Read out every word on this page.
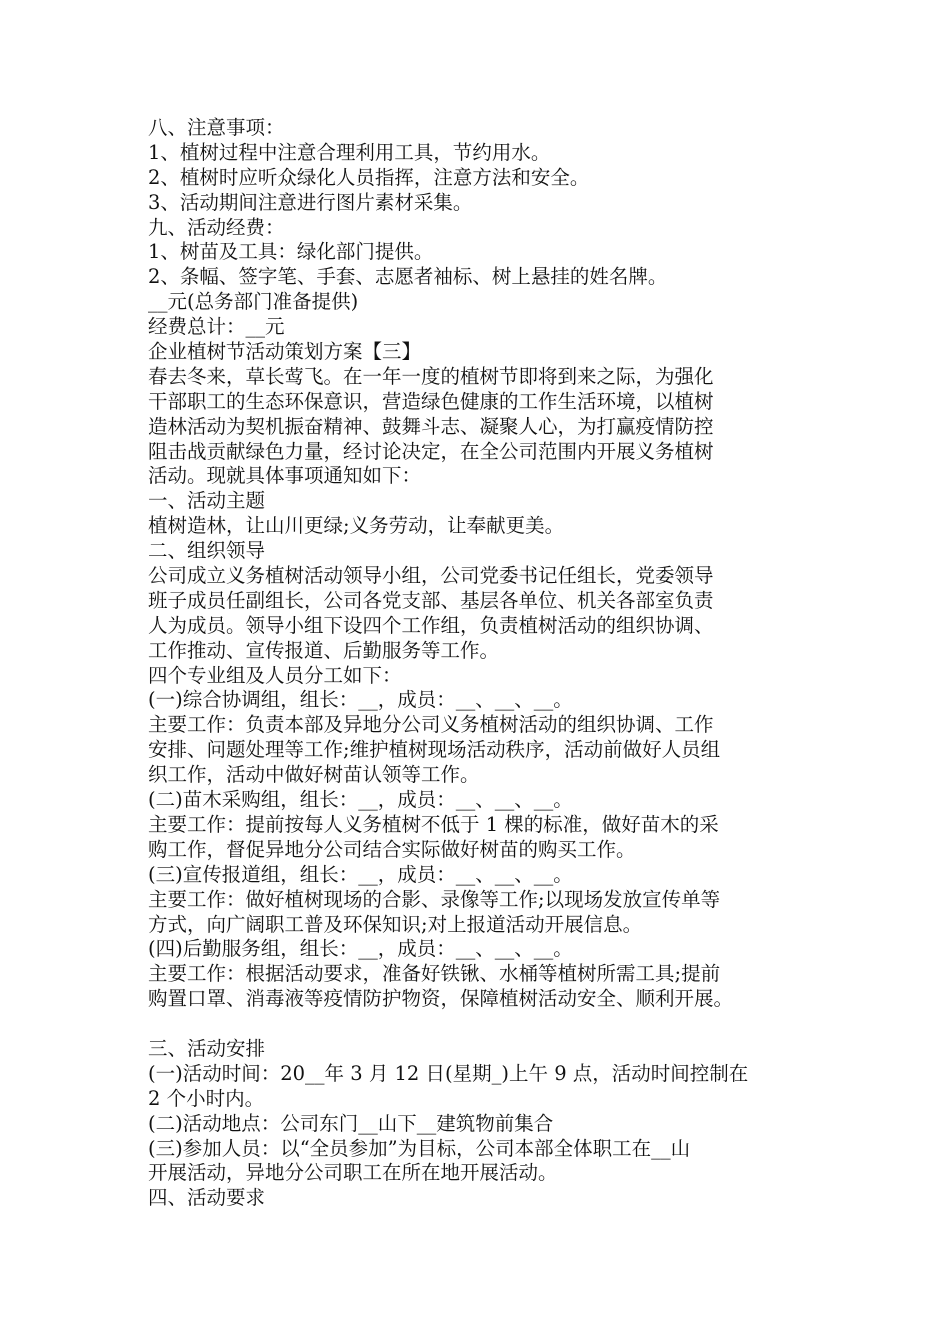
八、注意事项：
1、植树过程中注意合理利用工具，节约用水。
2、植树时应听众绿化人员指挥，注意方法和安全。
3、活动期间注意进行图片素材采集。
九、活动经费：
1、树苗及工具：绿化部门提供。
2、条幅、签字笔、手套、志愿者袖标、树上悬挂的姓名牌。
__元(总务部门准备提供)
经费总计：__元
企业植树节活动策划方案【三】
春去冬来，草长莺飞。在一年一度的植树节即将到来之际，为强化
干部职工的生态环保意识，营造绿色健康的工作生活环境，以植树
造林活动为契机振奋精神、鼓舞斗志、凝聚人心，为打赢疫情防控
阻击战贡献绿色力量，经讨论决定，在全公司范围内开展义务植树
活动。现就具体事项通知如下：
一、活动主题
植树造林，让山川更绿;义务劳动，让奉献更美。
二、组织领导
公司成立义务植树活动领导小组，公司党委书记任组长，党委领导
班子成员任副组长，公司各党支部、基层各单位、机关各部室负责
人为成员。领导小组下设四个工作组，负责植树活动的组织协调、
工作推动、宣传报道、后勤服务等工作。
四个专业组及人员分工如下：
(一)综合协调组，组长：__，成员：__、__、__。
主要工作：负责本部及异地分公司义务植树活动的组织协调、工作
安排、问题处理等工作;维护植树现场活动秩序，活动前做好人员组
织工作，活动中做好树苗认领等工作。
(二)苗木采购组，组长：__，成员：__、__、__。
主要工作：提前按每人义务植树不低于 1 棵的标准，做好苗木的采
购工作，督促异地分公司结合实际做好树苗的购买工作。
(三)宣传报道组，组长：__，成员：__、__、__。
主要工作：做好植树现场的合影、录像等工作;以现场发放宣传单等
方式，向广阔职工普及环保知识;对上报道活动开展信息。
(四)后勤服务组，组长：__，成员：__、__、__。
主要工作：根据活动要求，准备好铁锹、水桶等植树所需工具;提前
购置口罩、消毒液等疫情防护物资，保障植树活动安全、顺利开展。
三、活动安排
(一)活动时间：20__年 3 月 12 日(星期_)上午 9 点，活动时间控制在
2 个小时内。
(二)活动地点：公司东门__山下__建筑物前集合
(三)参加人员：以“全员参加”为目标，公司本部全体职工在__山
开展活动，异地分公司职工在所在地开展活动。
四、活动要求
